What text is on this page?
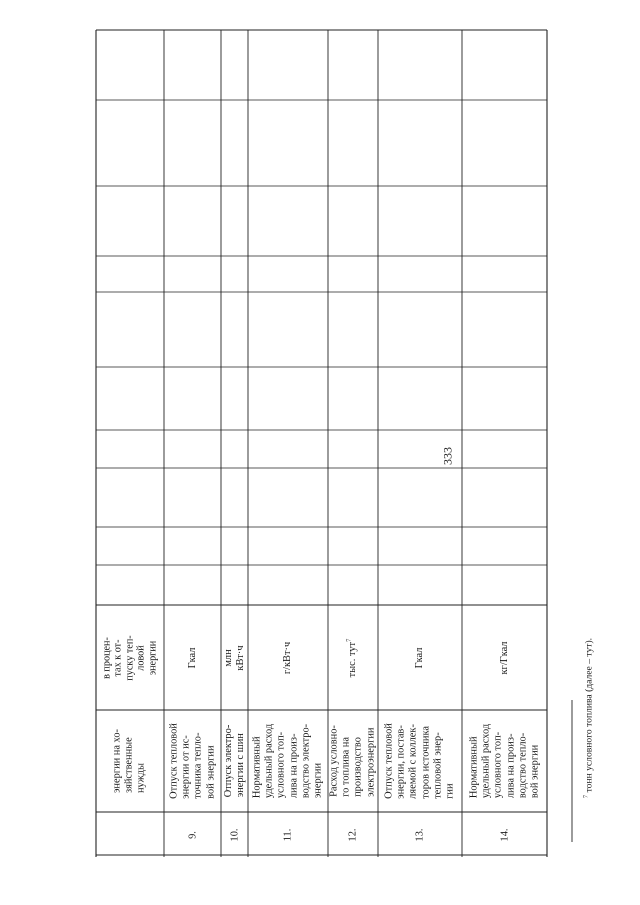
333
энергии на хо- зяйственные нужды
в процен- тах к от- пуску теп- ловой энергии
9.
Отпуск тепловой энергии от ис- точника тепло- вой энергии
Гкал
10.
Отпуск электро- энергии с шин
млн кВт·ч
11.
Нормативный удельный расход условного топ- лива на произ- водство электро- энергии
г/кВт·ч
12.
Расход условно- го топлива на производство электроэнергии
тыс. тут$^7$
13.
Отпуск тепловой энергии, постав- ляемой с коллек- торов источника тепловой энер- гии
Гкал
14.
Нормативный удельный расход условного топ- лива на произ- водство тепло- вой энергии
кг/Гкал
$^7$ тонн условного топлива (далее – тут).
